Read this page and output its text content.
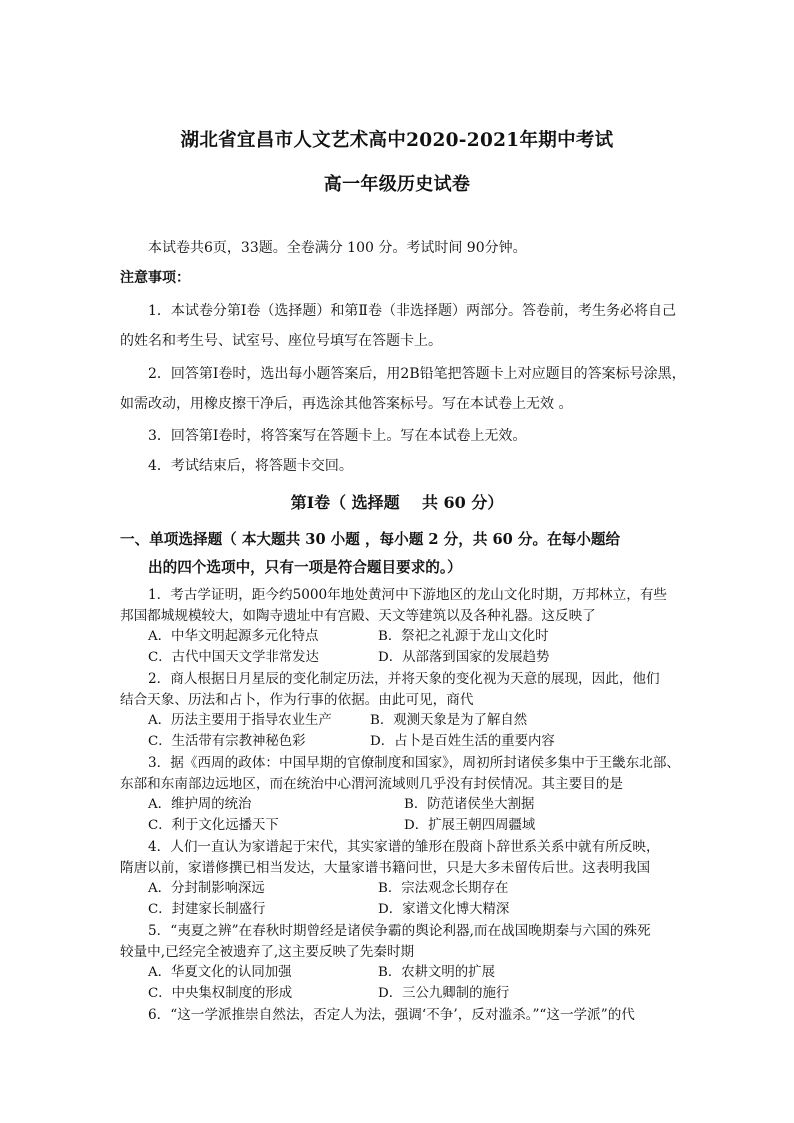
湖北省宜昌市人文艺术高中2020-2021年期中考试
高一年级历史试卷
本试卷共6页，33题。全卷满分 100 分。考试时间 90分钟。
注意事项：
1．本试卷分第Ⅰ卷（选择题）和第Ⅱ卷（非选择题）两部分。答卷前，考生务必将自己
的姓名和考生号、试室号、座位号填写在答题卡上。
2．回答第Ⅰ卷时，选出每小题答案后，用2B铅笔把答题卡上对应题目的答案标号涂黑，
如需改动，用橡皮擦干净后，再选涂其他答案标号。写在本试卷上无效 。
3．回答第Ⅰ卷时，将答案写在答题卡上。写在本试卷上无效。
4．考试结束后，将答题卡交回。
第Ⅰ卷（ 选择题    共 60 分）
一、单项选择题（ 本大题共 30 小题 ，每小题 2 分，共 60 分。在每小题给
出的四个选项中，只有一项是符合题目要求的。）
1．考古学证明，距今约5000年地处黄河中下游地区的龙山文化时期，万邦林立，有些
邦国都城规模较大，如陶寺遗址中有宫殿、天文等建筑以及各种礼器。这反映了
A．中华文明起源多元化特点	B．祭祀之礼源于龙山文化时
C．古代中国天文学非常发达	D．从部落到国家的发展趋势
2．商人根据日月星辰的变化制定历法，并将天象的变化视为天意的展现，因此，他们
结合天象、历法和占卜，作为行事的依据。由此可见，商代
A．历法主要用于指导农业生产	B．观测天象是为了解自然
C．生活带有宗教神秘色彩	D．占卜是百姓生活的重要内容
3．据《西周的政体：中国早期的官僚制度和国家》，周初所封诸侯多集中于王畿东北部、
东部和东南部边远地区，而在统治中心渭河流域则几乎没有封侯情况。其主要目的是
A．维护周的统治	B．防范诸侯坐大割据
C．利于文化远播天下	D．扩展王朝四周疆域
4．人们一直认为家谱起于宋代，其实家谱的雏形在殷商卜辞世系关系中就有所反映，
隋唐以前，家谱修撰已相当发达，大量家谱书籍问世，只是大多未留传后世。这表明我国
A．分封制影响深远	B．宗法观念长期存在
C．封建家长制盛行	D．家谱文化博大精深
5．“夷夏之辨”在春秋时期曾经是诸侯争霸的舆论利器,而在战国晚期秦与六国的殊死
较量中,已经完全被遗弃了,这主要反映了先秦时期
A．华夏文化的认同加强	B．农耕文明的扩展
C．中央集权制度的形成	D．三公九卿制的施行
6．“这一学派推崇自然法，否定人为法，强调‘不争’，反对滥杀。”“这一学派”的代
